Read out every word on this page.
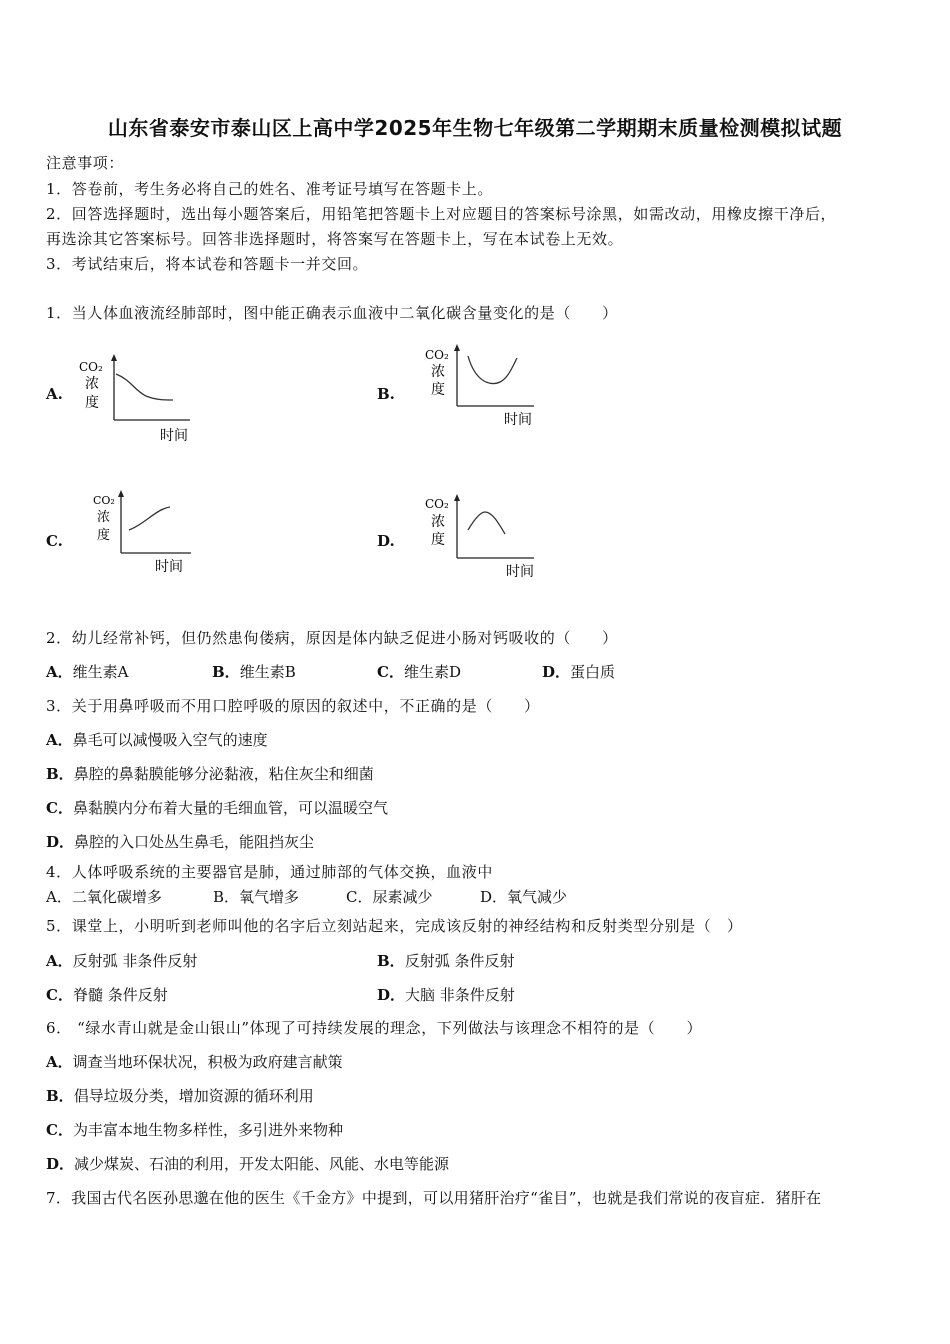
山东省泰安市泰山区上高中学2025年生物七年级第二学期期末质量检测模拟试题
注意事项：
1．答卷前，考生务必将自己的姓名、准考证号填写在答题卡上。
2．回答选择题时，选出每小题答案后，用铅笔把答题卡上对应题目的答案标号涂黑，如需改动，用橡皮擦干净后，
再选涂其它答案标号。回答非选择题时，将答案写在答题卡上，写在本试卷上无效。
3．考试结束后，将本试卷和答题卡一并交回。
1．当人体血液流经肺部时，图中能正确表示血液中二氧化碳含量变化的是（　　）
A.
CO₂
浓
度
时间
B.
CO₂
浓
度
时间
C.
CO₂
浓
度
时间
D.
CO₂
浓
度
时间
2．幼儿经常补钙，但仍然患佝偻病，原因是体内缺乏促进小肠对钙吸收的（　　）
A．维生素A	B．维生素B	C．维生素D	D．蛋白质
3．关于用鼻呼吸而不用口腔呼吸的原因的叙述中，不正确的是（　　）
A．鼻毛可以减慢吸入空气的速度
B．鼻腔的鼻黏膜能够分泌黏液，粘住灰尘和细菌
C．鼻黏膜内分布着大量的毛细血管，可以温暖空气
D．鼻腔的入口处丛生鼻毛，能阻挡灰尘
4．人体呼吸系统的主要器官是肺，通过肺部的气体交换，血液中
A．二氧化碳增多	B．氧气增多	C．尿素减少	D．氧气减少
5．课堂上，小明听到老师叫他的名字后立刻站起来，完成该反射的神经结构和反射类型分别是（　）
A．反射弧 非条件反射	B．反射弧 条件反射
C．脊髓 条件反射	D．大脑 非条件反射
6． “绿水青山就是金山银山”体现了可持续发展的理念，下列做法与该理念不相符的是（　　）
A．调查当地环保状况，积极为政府建言献策
B．倡导垃圾分类，增加资源的循环利用
C．为丰富本地生物多样性，多引进外来物种
D．减少煤炭、石油的利用，开发太阳能、风能、水电等能源
7．我国古代名医孙思邈在他的医生《千金方》中提到，可以用猪肝治疗“雀目”，也就是我们常说的夜盲症．猪肝在
